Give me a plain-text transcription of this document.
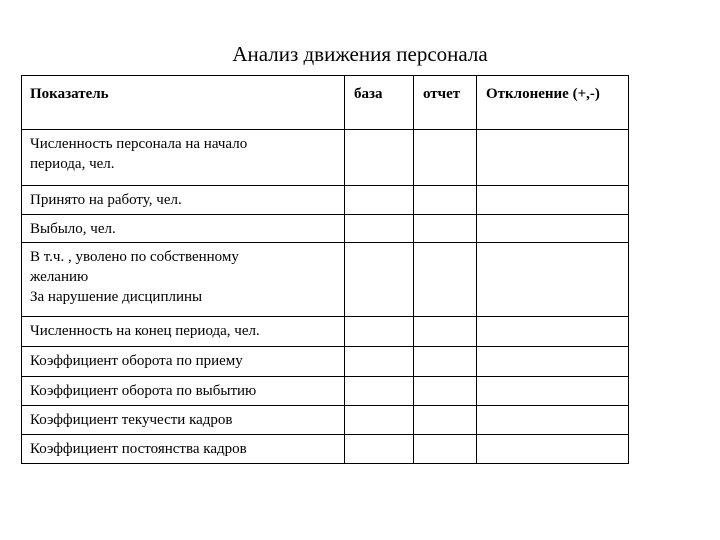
Анализ движения персонала
Показатель	база	отчет	Отклонение (+,-)

Численность персонала на начало
периода, чел.			

Принято на работу, чел.			

Выбыло, чел.			

В т.ч. , уволено по собственному
желанию
За нарушение дисциплины			

Численность на конец периода, чел.			

Коэффициент оборота по приему			

Коэффициент оборота по выбытию			

Коэффициент текучести кадров			

Коэффициент постоянства кадров			
